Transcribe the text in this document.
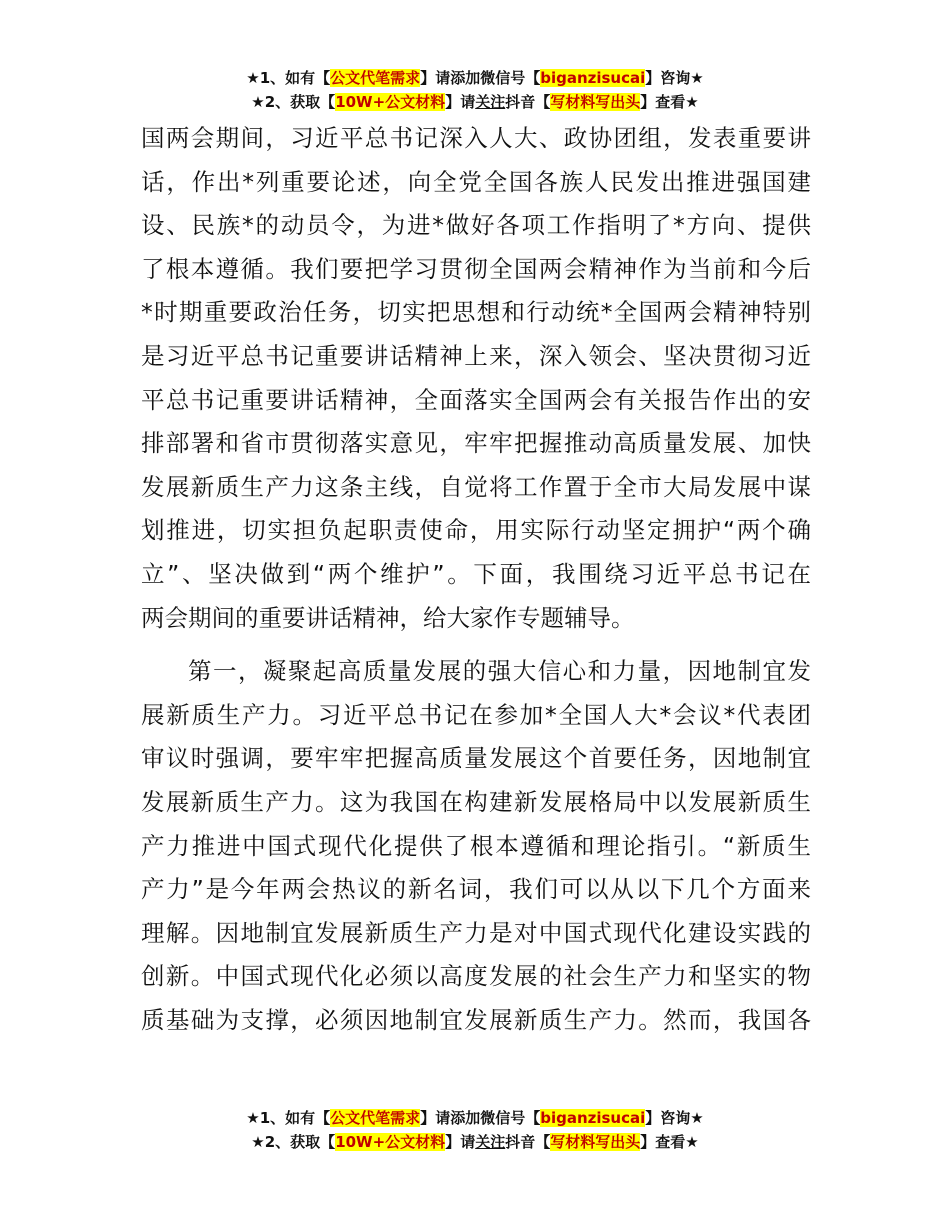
★1、如有【公文代笔需求】请添加微信号【biganzisucai】咨询★
★2、获取【10W+公文材料】请关注抖音【写材料写出头】查看★
国两会期间，习近平总书记深入人大、政协团组，发表重要讲
话，作出*列重要论述，向全党全国各族人民发出推进强国建
设、民族*的动员令，为进*做好各项工作指明了*方向、提供
了根本遵循。我们要把学习贯彻全国两会精神作为当前和今后
*时期重要政治任务，切实把思想和行动统*全国两会精神特别
是习近平总书记重要讲话精神上来，深入领会、坚决贯彻习近
平总书记重要讲话精神，全面落实全国两会有关报告作出的安
排部署和省市贯彻落实意见，牢牢把握推动高质量发展、加快
发展新质生产力这条主线，自觉将工作置于全市大局发展中谋
划推进，切实担负起职责使命，用实际行动坚定拥护“两个确
立”、坚决做到“两个维护”。下面，我围绕习近平总书记在
两会期间的重要讲话精神，给大家作专题辅导。
第一，凝聚起高质量发展的强大信心和力量，因地制宜发
展新质生产力。习近平总书记在参加*全国人大*会议*代表团
审议时强调，要牢牢把握高质量发展这个首要任务，因地制宜
发展新质生产力。这为我国在构建新发展格局中以发展新质生
产力推进中国式现代化提供了根本遵循和理论指引。“新质生
产力”是今年两会热议的新名词，我们可以从以下几个方面来
理解。因地制宜发展新质生产力是对中国式现代化建设实践的
创新。中国式现代化必须以高度发展的社会生产力和坚实的物
质基础为支撑，必须因地制宜发展新质生产力。然而，我国各
★1、如有【公文代笔需求】请添加微信号【biganzisucai】咨询★
★2、获取【10W+公文材料】请关注抖音【写材料写出头】查看★
